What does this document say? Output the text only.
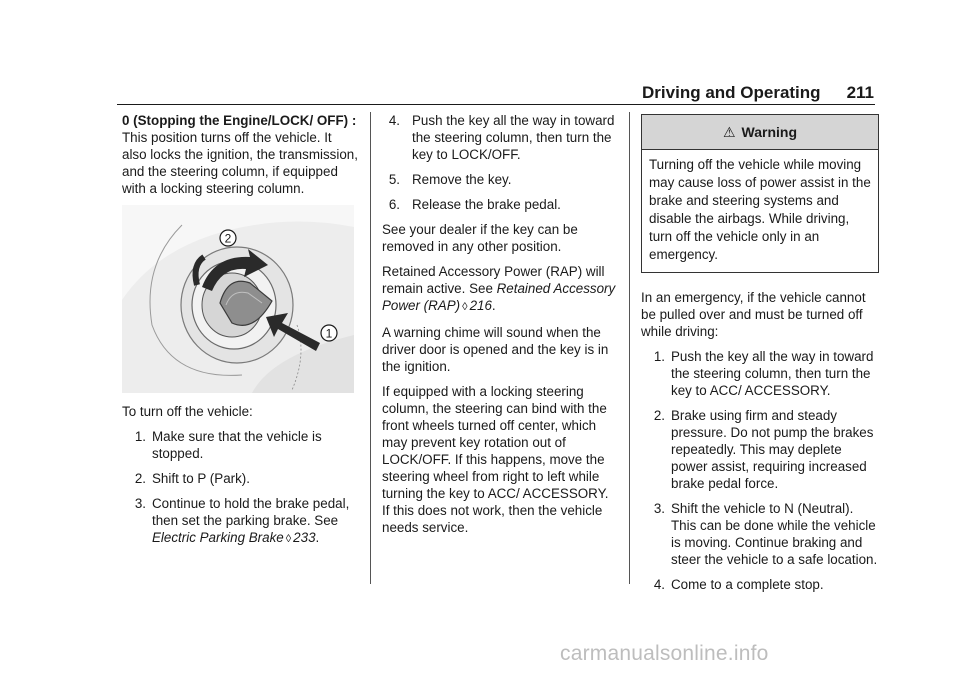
Driving and Operating 211

0 (Stopping the Engine/LOCK/ OFF) : This position turns off the vehicle. It also locks the ignition, the transmission, and the steering column, if equipped with a locking steering column.

2
1

To turn off the vehicle:

1. Make sure that the vehicle is stopped.
2. Shift to P (Park).
3. Continue to hold the brake pedal, then set the parking brake. See Electric Parking Brake ◊ 233.
4. Push the key all the way in toward the steering column, then turn the key to LOCK/OFF.
5. Remove the key.
6. Release the brake pedal.

See your dealer if the key can be removed in any other position.

Retained Accessory Power (RAP) will remain active. See Retained Accessory Power (RAP) ◊ 216.

A warning chime will sound when the driver door is opened and the key is in the ignition.

If equipped with a locking steering column, the steering can bind with the front wheels turned off center, which may prevent key rotation out of LOCK/OFF. If this happens, move the steering wheel from right to left while turning the key to ACC/ ACCESSORY. If this does not work, then the vehicle needs service.

⚠ Warning
Turning off the vehicle while moving may cause loss of power assist in the brake and steering systems and disable the airbags. While driving, turn off the vehicle only in an emergency.

In an emergency, if the vehicle cannot be pulled over and must be turned off while driving:

1. Push the key all the way in toward the steering column, then turn the key to ACC/ ACCESSORY.
2. Brake using firm and steady pressure. Do not pump the brakes repeatedly. This may deplete power assist, requiring increased brake pedal force.
3. Shift the vehicle to N (Neutral). This can be done while the vehicle is moving. Continue braking and steer the vehicle to a safe location.
4. Come to a complete stop.
carmanualsonline.info
